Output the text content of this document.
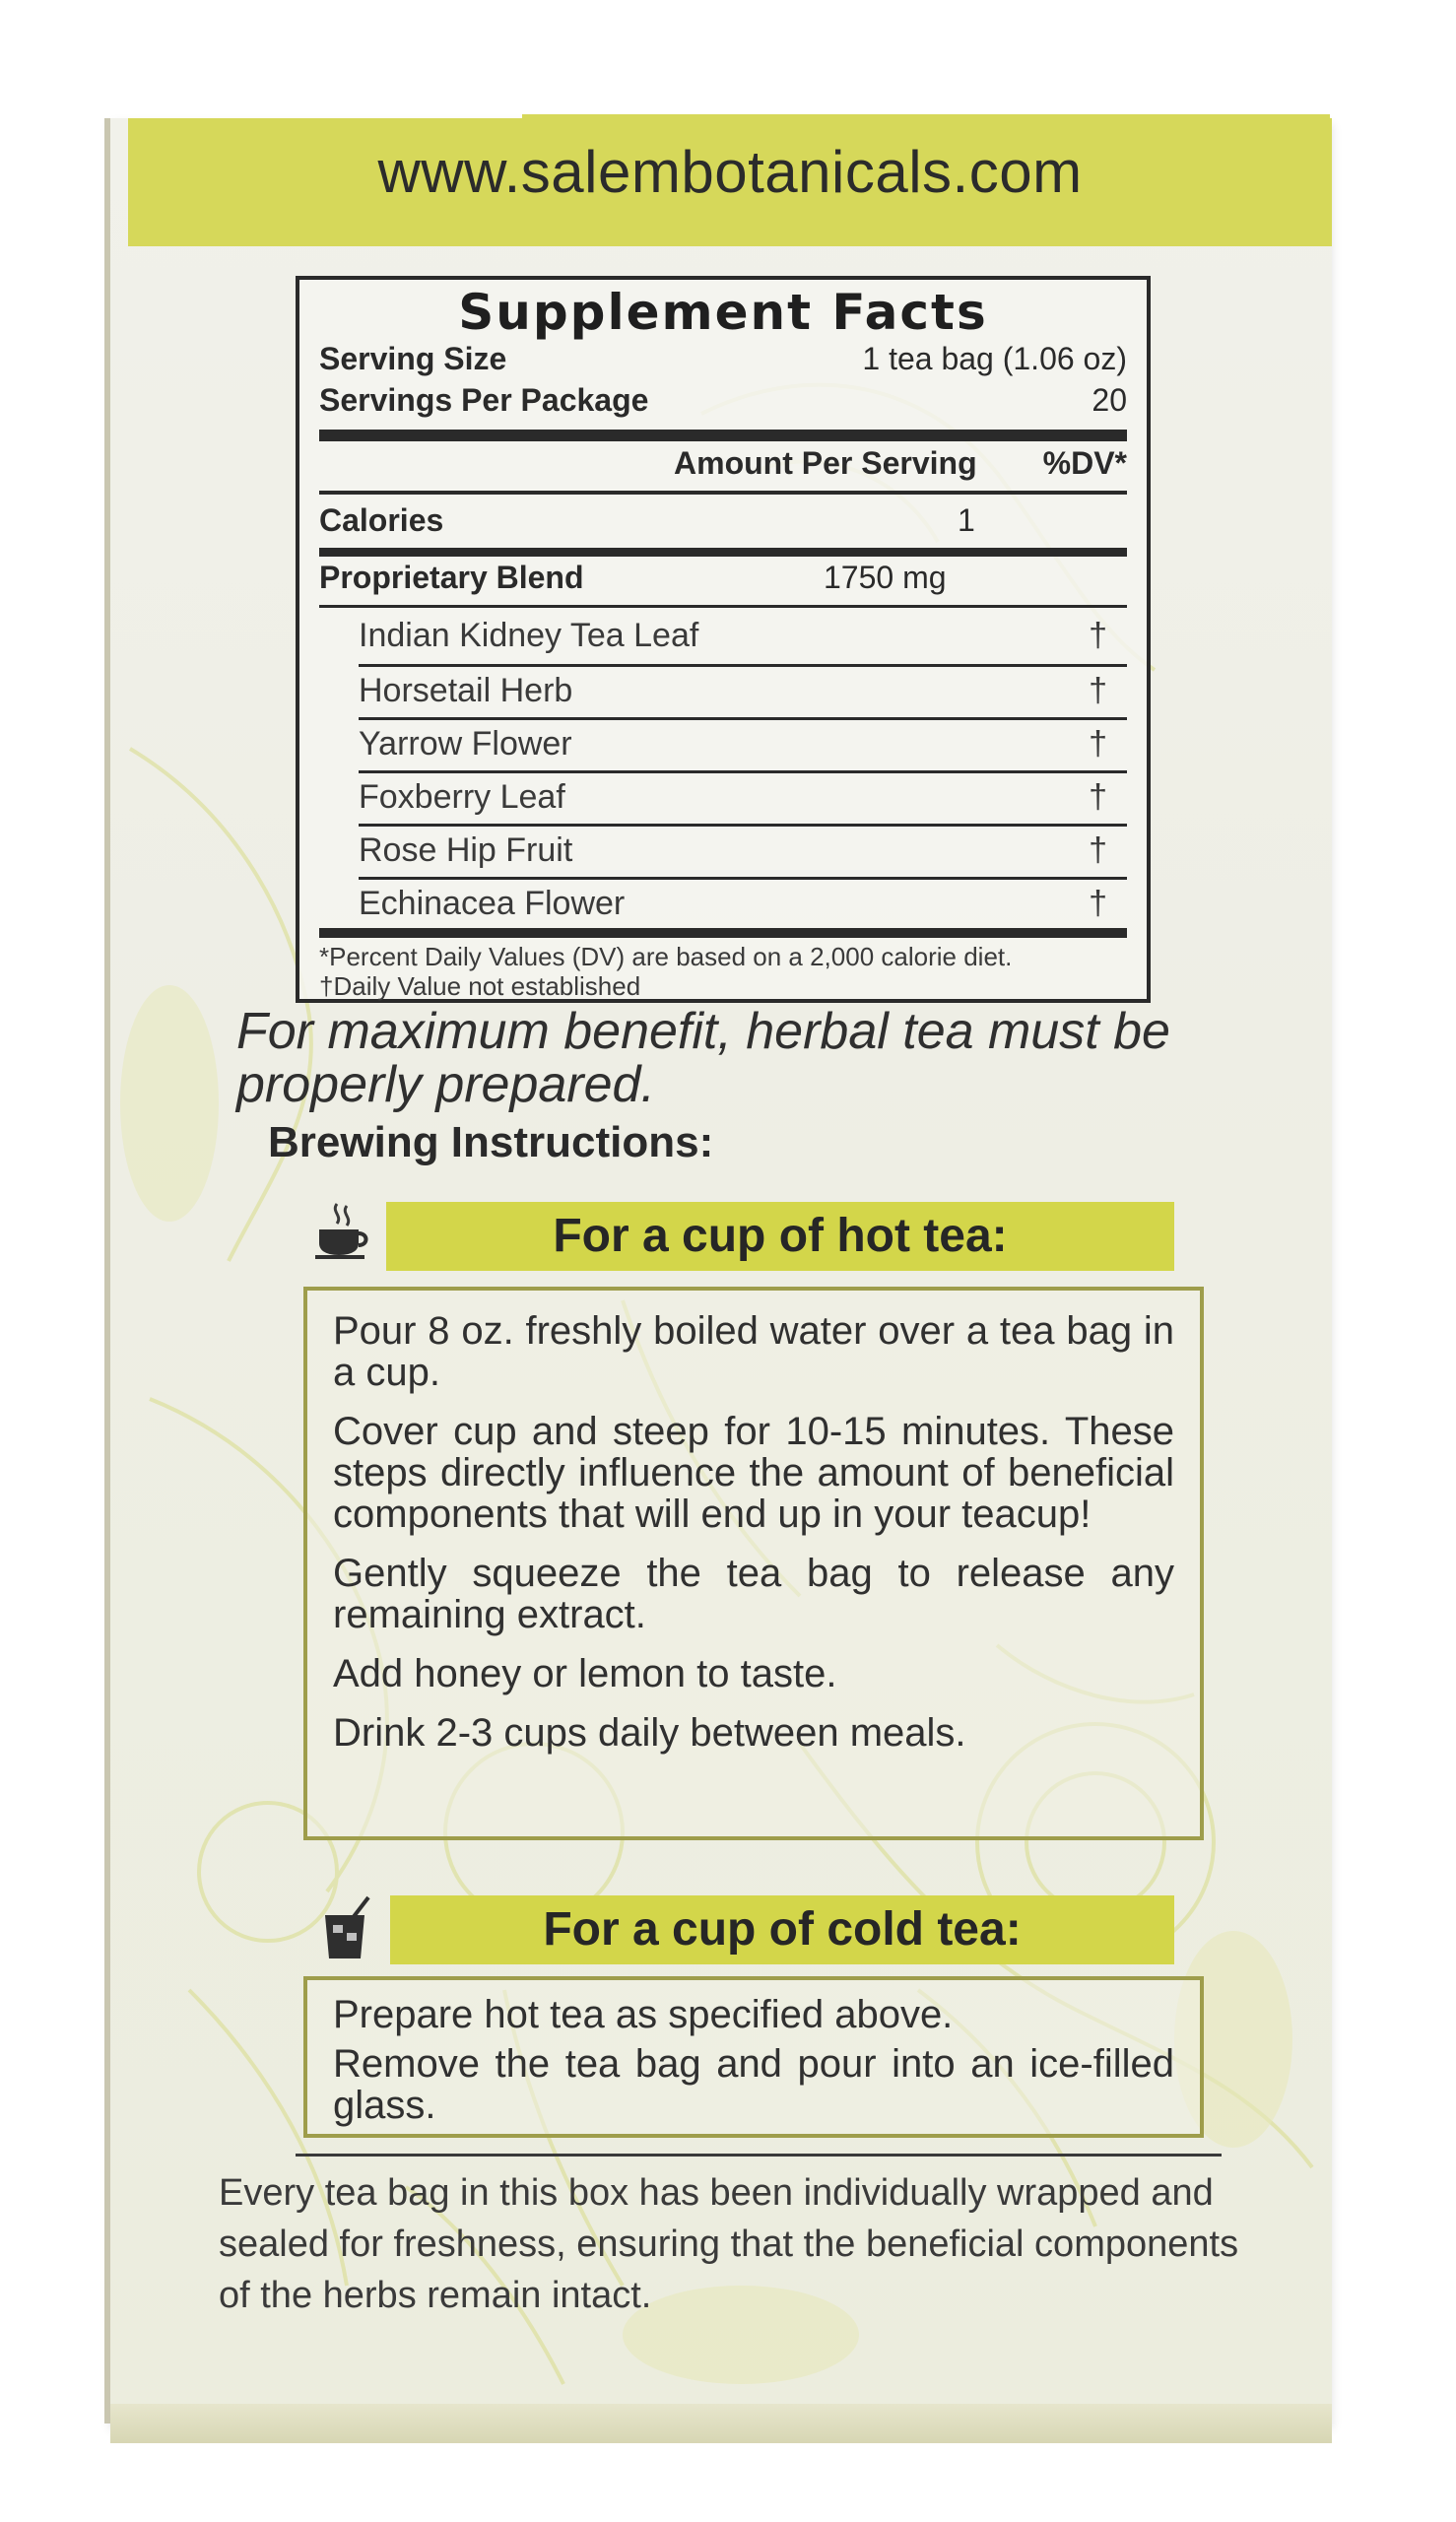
www.salembotanicals.com
Supplement Facts
Serving Size	1 tea bag (1.06 oz)
Servings Per Package	20
Amount Per Serving %DV*
Calories	1
Proprietary Blend	1750 mg
Indian Kidney Tea Leaf	†
Horsetail Herb	†
Yarrow Flower	†
Foxberry Leaf	†
Rose Hip Fruit	†
Echinacea Flower	†
*Percent Daily Values (DV) are based on a 2,000 calorie diet.
†Daily Value not established
For maximum benefit, herbal tea must be properly prepared.
Brewing Instructions:
For a cup of hot tea:

Pour 8 oz. freshly boiled water over a tea bag in a cup.

Cover cup and steep for 10-15 minutes. These steps directly influence the amount of beneficial components that will end up in your teacup!

Gently squeeze the tea bag to release any remaining extract.

Add honey or lemon to taste.

Drink 2-3 cups daily between meals.

For a cup of cold tea:

Prepare hot tea as specified above.

Remove the tea bag and pour into an ice-filled glass.

Every tea bag in this box has been individually wrapped and sealed for freshness, ensuring that the beneficial components of the herbs remain intact.
